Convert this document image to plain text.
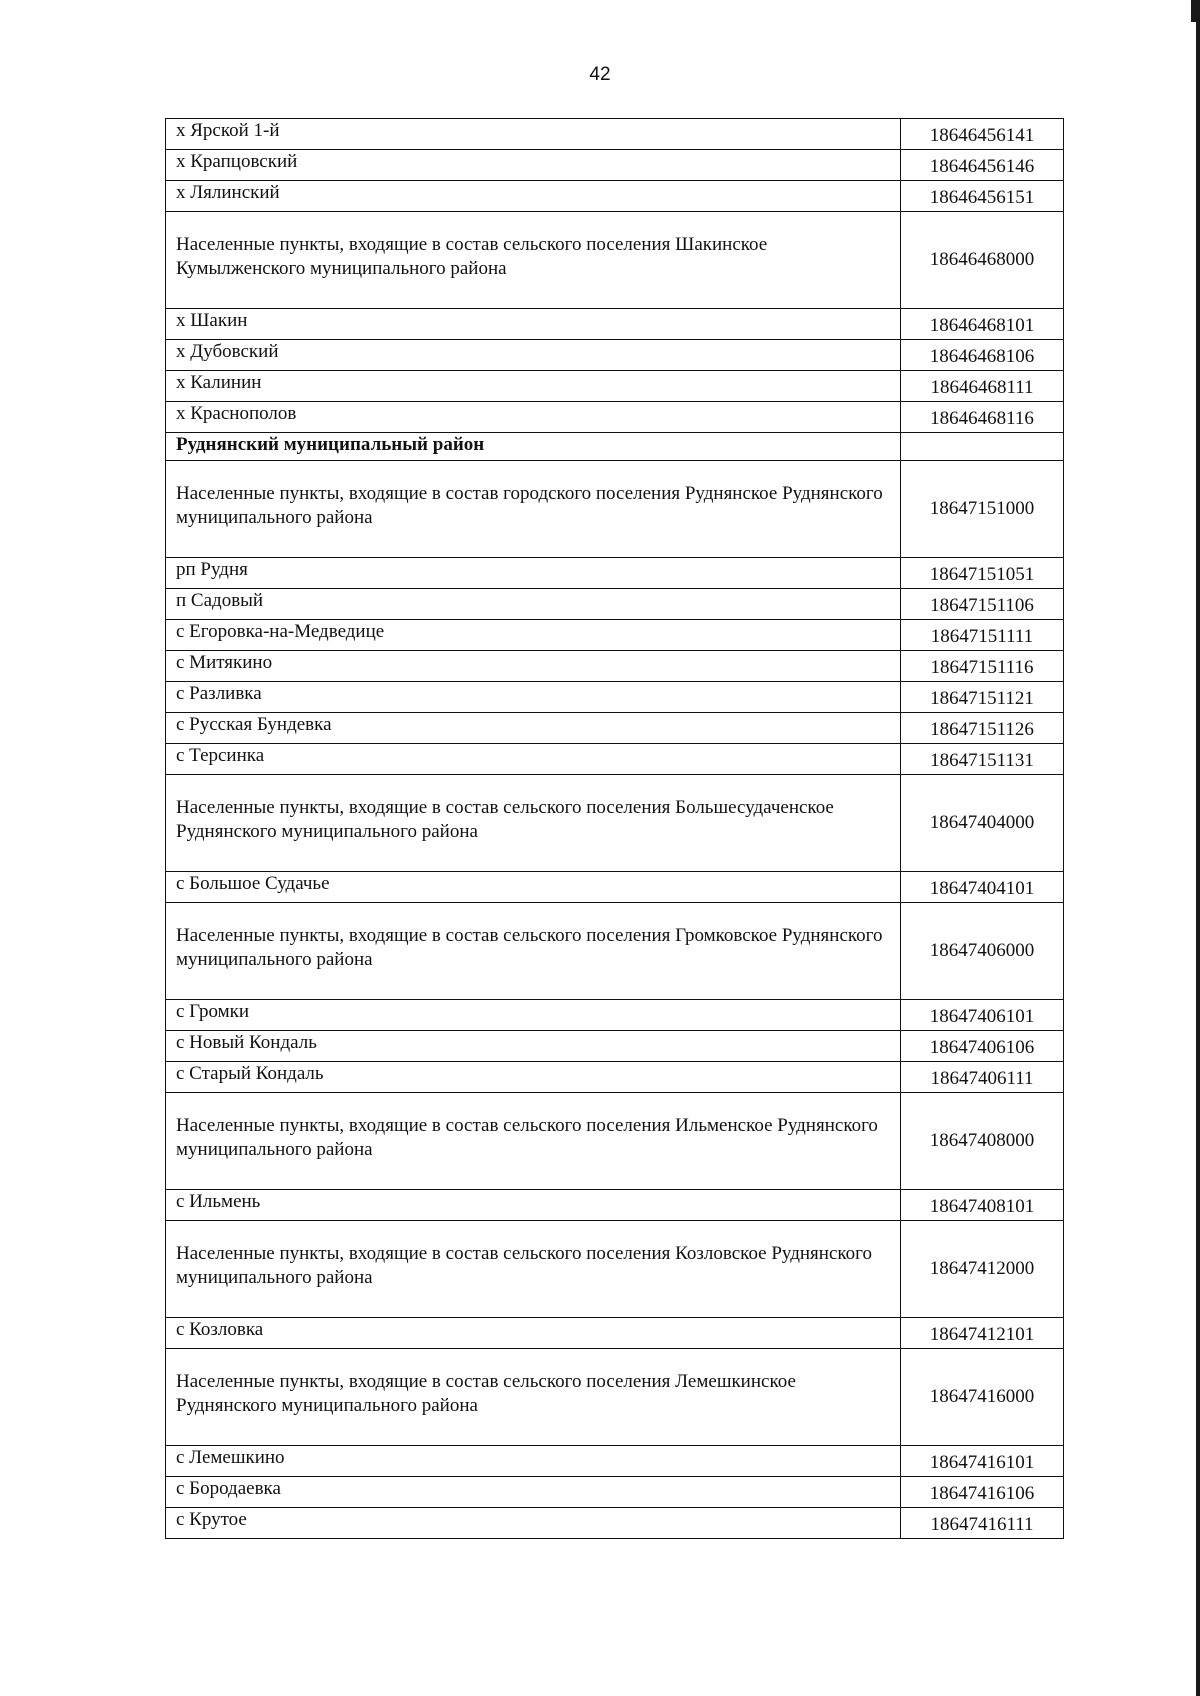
42
х Ярской 1-й	18646456141
х Крапцовский	18646456146
х Лялинский	18646456151
Населенные пункты, входящие в состав сельского поселения Шакинское Кумылженского муниципального района	18646468000
х Шакин	18646468101
х Дубовский	18646468106
х Калинин	18646468111
х Краснополов	18646468116
Руднянский муниципальный район	
Населенные пункты, входящие в состав городского поселения Руднянское Руднянского муниципального района	18647151000
рп Рудня	18647151051
п Садовый	18647151106
с Егоровка-на-Медведице	18647151111
с Митякино	18647151116
с Разливка	18647151121
с Русская Бундевка	18647151126
с Терсинка	18647151131
Населенные пункты, входящие в состав сельского поселения Большесудаченское Руднянского муниципального района	18647404000
с Большое Судачье	18647404101
Населенные пункты, входящие в состав сельского поселения Громковское Руднянского муниципального района	18647406000
с Громки	18647406101
с Новый Кондаль	18647406106
с Старый Кондаль	18647406111
Населенные пункты, входящие в состав сельского поселения Ильменское Руднянского муниципального района	18647408000
с Ильмень	18647408101
Населенные пункты, входящие в состав сельского поселения Козловское Руднянского муниципального района	18647412000
с Козловка	18647412101
Населенные пункты, входящие в состав сельского поселения Лемешкинское Руднянского муниципального района	18647416000
с Лемешкино	18647416101
с Бородаевка	18647416106
с Крутое	18647416111
